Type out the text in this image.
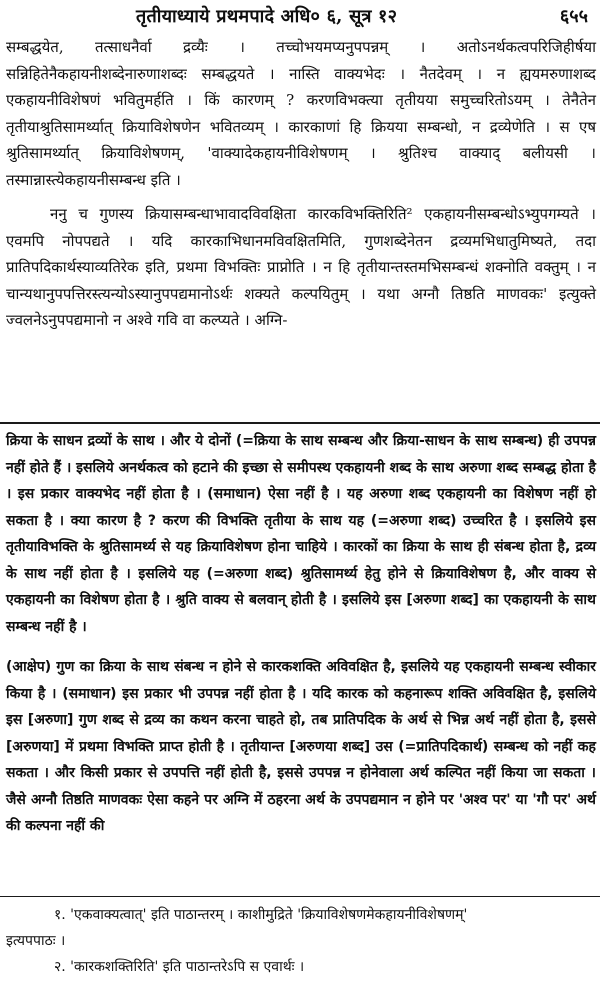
तृतीयाध्याये प्रथमपादे अधि० ६, सूत्र १२	६५५

सम्बद्धयेत, तत्साधनैर्वा द्रव्यैः । तच्चोभयमप्यनुपपन्नम् । अतोऽनर्थकत्वपरिजिहीर्षया सन्निहितेनैकहायनीशब्देनारुणाशब्दः सम्बद्धयते । नास्ति वाक्यभेदः । नैतदेवम् । न ह्ययमरुणाशब्द एकहायनीविशेषणं भवितुमर्हति । किं कारणम् ? करणविभक्त्या तृतीयया समुच्चरितोऽयम् । तेनैतेन तृतीयाश्रुतिसामर्थ्यात् क्रियाविशेषणेन भवितव्यम् । कारकाणां हि क्रियया सम्बन्धो, न द्रव्येणेति । स एष श्रुतिसामर्थ्यात् क्रियाविशेषणम्, 'वाक्यादेकहायनीविशेषणम् । श्रुतिश्च वाक्याद् बलीयसी । तस्मान्नास्त्येकहायनीसम्बन्ध इति ।

ननु च गुणस्य क्रियासम्बन्धाभावादविवक्षिता कारकविभक्तिरिति² एकहायनीसम्बन्धोऽभ्युपगम्यते । एवमपि नोपपद्यते । यदि कारकाभिधानमविवक्षितमिति, गुणशब्देनेतन द्रव्यमभिधातुमिष्यते, तदा प्रातिपदिकार्थस्याव्यतिरेक इति, प्रथमा विभक्तिः प्राप्नोति । न हि तृतीयान्तस्तमभिसम्बन्धं शक्नोति वक्तुम् । न चान्यथानुपपत्तिरस्त्यन्योऽस्यानुपपद्यमानोऽर्थः शक्यते कल्पयितुम् । यथा अग्नौ तिष्ठति माणवकः' इत्युक्ते ज्वलनेऽनुपपद्यमानो न अश्वे गवि वा कल्प्यते । अग्नि-

क्रिया के साधन द्रव्यों के साथ । और ये दोनों (=क्रिया के साथ सम्बन्ध और क्रिया-साधन के साथ सम्बन्ध) ही उपपन्न नहीं होते हैं । इसलिये अनर्थकत्व को हटाने की इच्छा से समीपस्थ एकहायनी शब्द के साथ अरुणा शब्द सम्बद्ध होता है । इस प्रकार वाक्यभेद नहीं होता है । (समाधान) ऐसा नहीं है । यह अरुणा शब्द एकहायनी का विशेषण नहीं हो सकता है । क्या कारण है ? करण की विभक्ति तृतीया के साथ यह (=अरुणा शब्द) उच्चरित है । इसलिये इस तृतीयाविभक्ति के श्रुतिसामर्थ्य से यह क्रियाविशेषण होना चाहिये । कारकों का क्रिया के साथ ही संबन्ध होता है, द्रव्य के साथ नहीं होता है । इसलिये यह (=अरुणा शब्द) श्रुतिसामर्थ्य हेतु होने से क्रियाविशेषण है, और वाक्य से एकहायनी का विशेषण होता है । श्रुति वाक्य से बलवान् होती है । इसलिये इस [अरुणा शब्द] का एकहायनी के साथ सम्बन्ध नहीं है ।

(आक्षेप) गुण का क्रिया के साथ संबन्ध न होने से कारकशक्ति अविवक्षित है, इसलिये यह एकहायनी सम्बन्ध स्वीकार किया है । (समाधान) इस प्रकार भी उपपन्न नहीं होता है । यदि कारक को कहनारूप शक्ति अविवक्षित है, इसलिये इस [अरुणा] गुण शब्द से द्रव्य का कथन करना चाहते हो, तब प्रातिपदिक के अर्थ से भिन्न अर्थ नहीं होता है, इससे [अरुणया] में प्रथमा विभक्ति प्राप्त होती है । तृतीयान्त [अरुणया शब्द] उस (=प्रातिपदिकार्थ) सम्बन्ध को नहीं कह सकता । और किसी प्रकार से उपपत्ति नहीं होती है, इससे उपपन्न न होनेवाला अर्थ कल्पित नहीं किया जा सकता । जैसे अग्नौ तिष्ठति माणवकः ऐसा कहने पर अग्नि में ठहरना अर्थ के उपपद्यमान न होने पर 'अश्व पर' या 'गौ पर' अर्थ की कल्पना नहीं की

१. 'एकवाक्यत्वात्' इति पाठान्तरम् । काशीमुद्रिते 'क्रियाविशेषणमेकहायनीविशेषणम्'

इत्यपपाठः ।

२. 'कारकशक्तिरिति' इति पाठान्तरेऽपि स एवार्थः ।
